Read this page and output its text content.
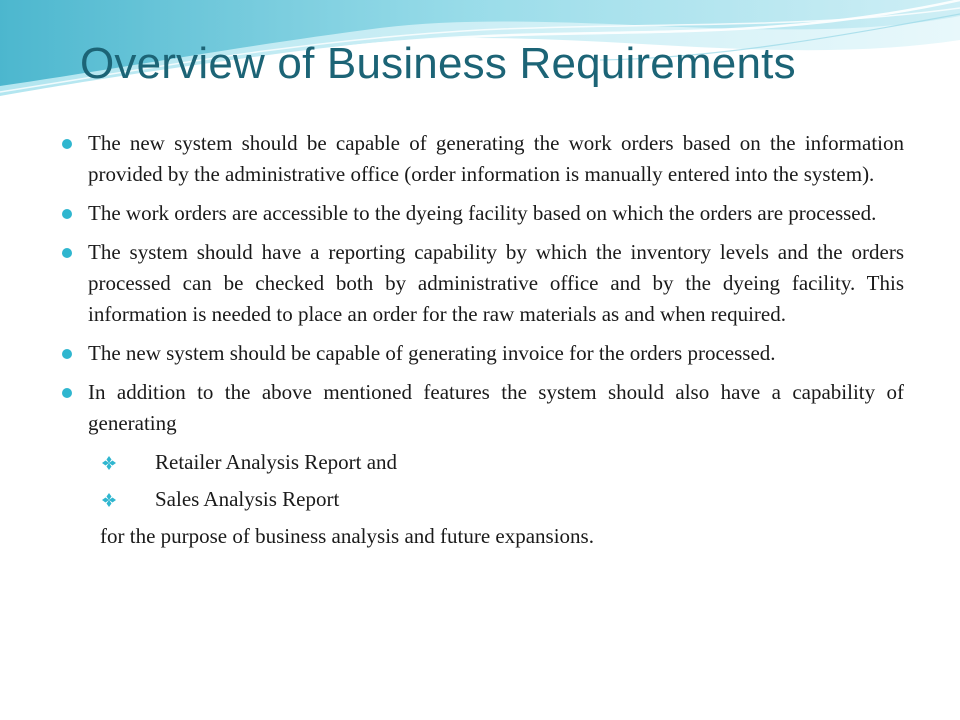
Overview of Business Requirements
The new system should be capable of generating the work orders based on the information provided by the administrative office (order information is manually entered into the system).
The work orders are accessible to the dyeing facility based on which the orders are processed.
The system should have a reporting capability by which the inventory levels and the orders processed can be checked both by administrative office and by the dyeing facility. This information is needed to place an order for the raw materials as and when required.
The new system should be capable of generating invoice for the orders processed.
In addition to the above mentioned features the system should also have a capability of generating
Retailer Analysis Report and
Sales Analysis Report

for the purpose of business analysis and future expansions.
